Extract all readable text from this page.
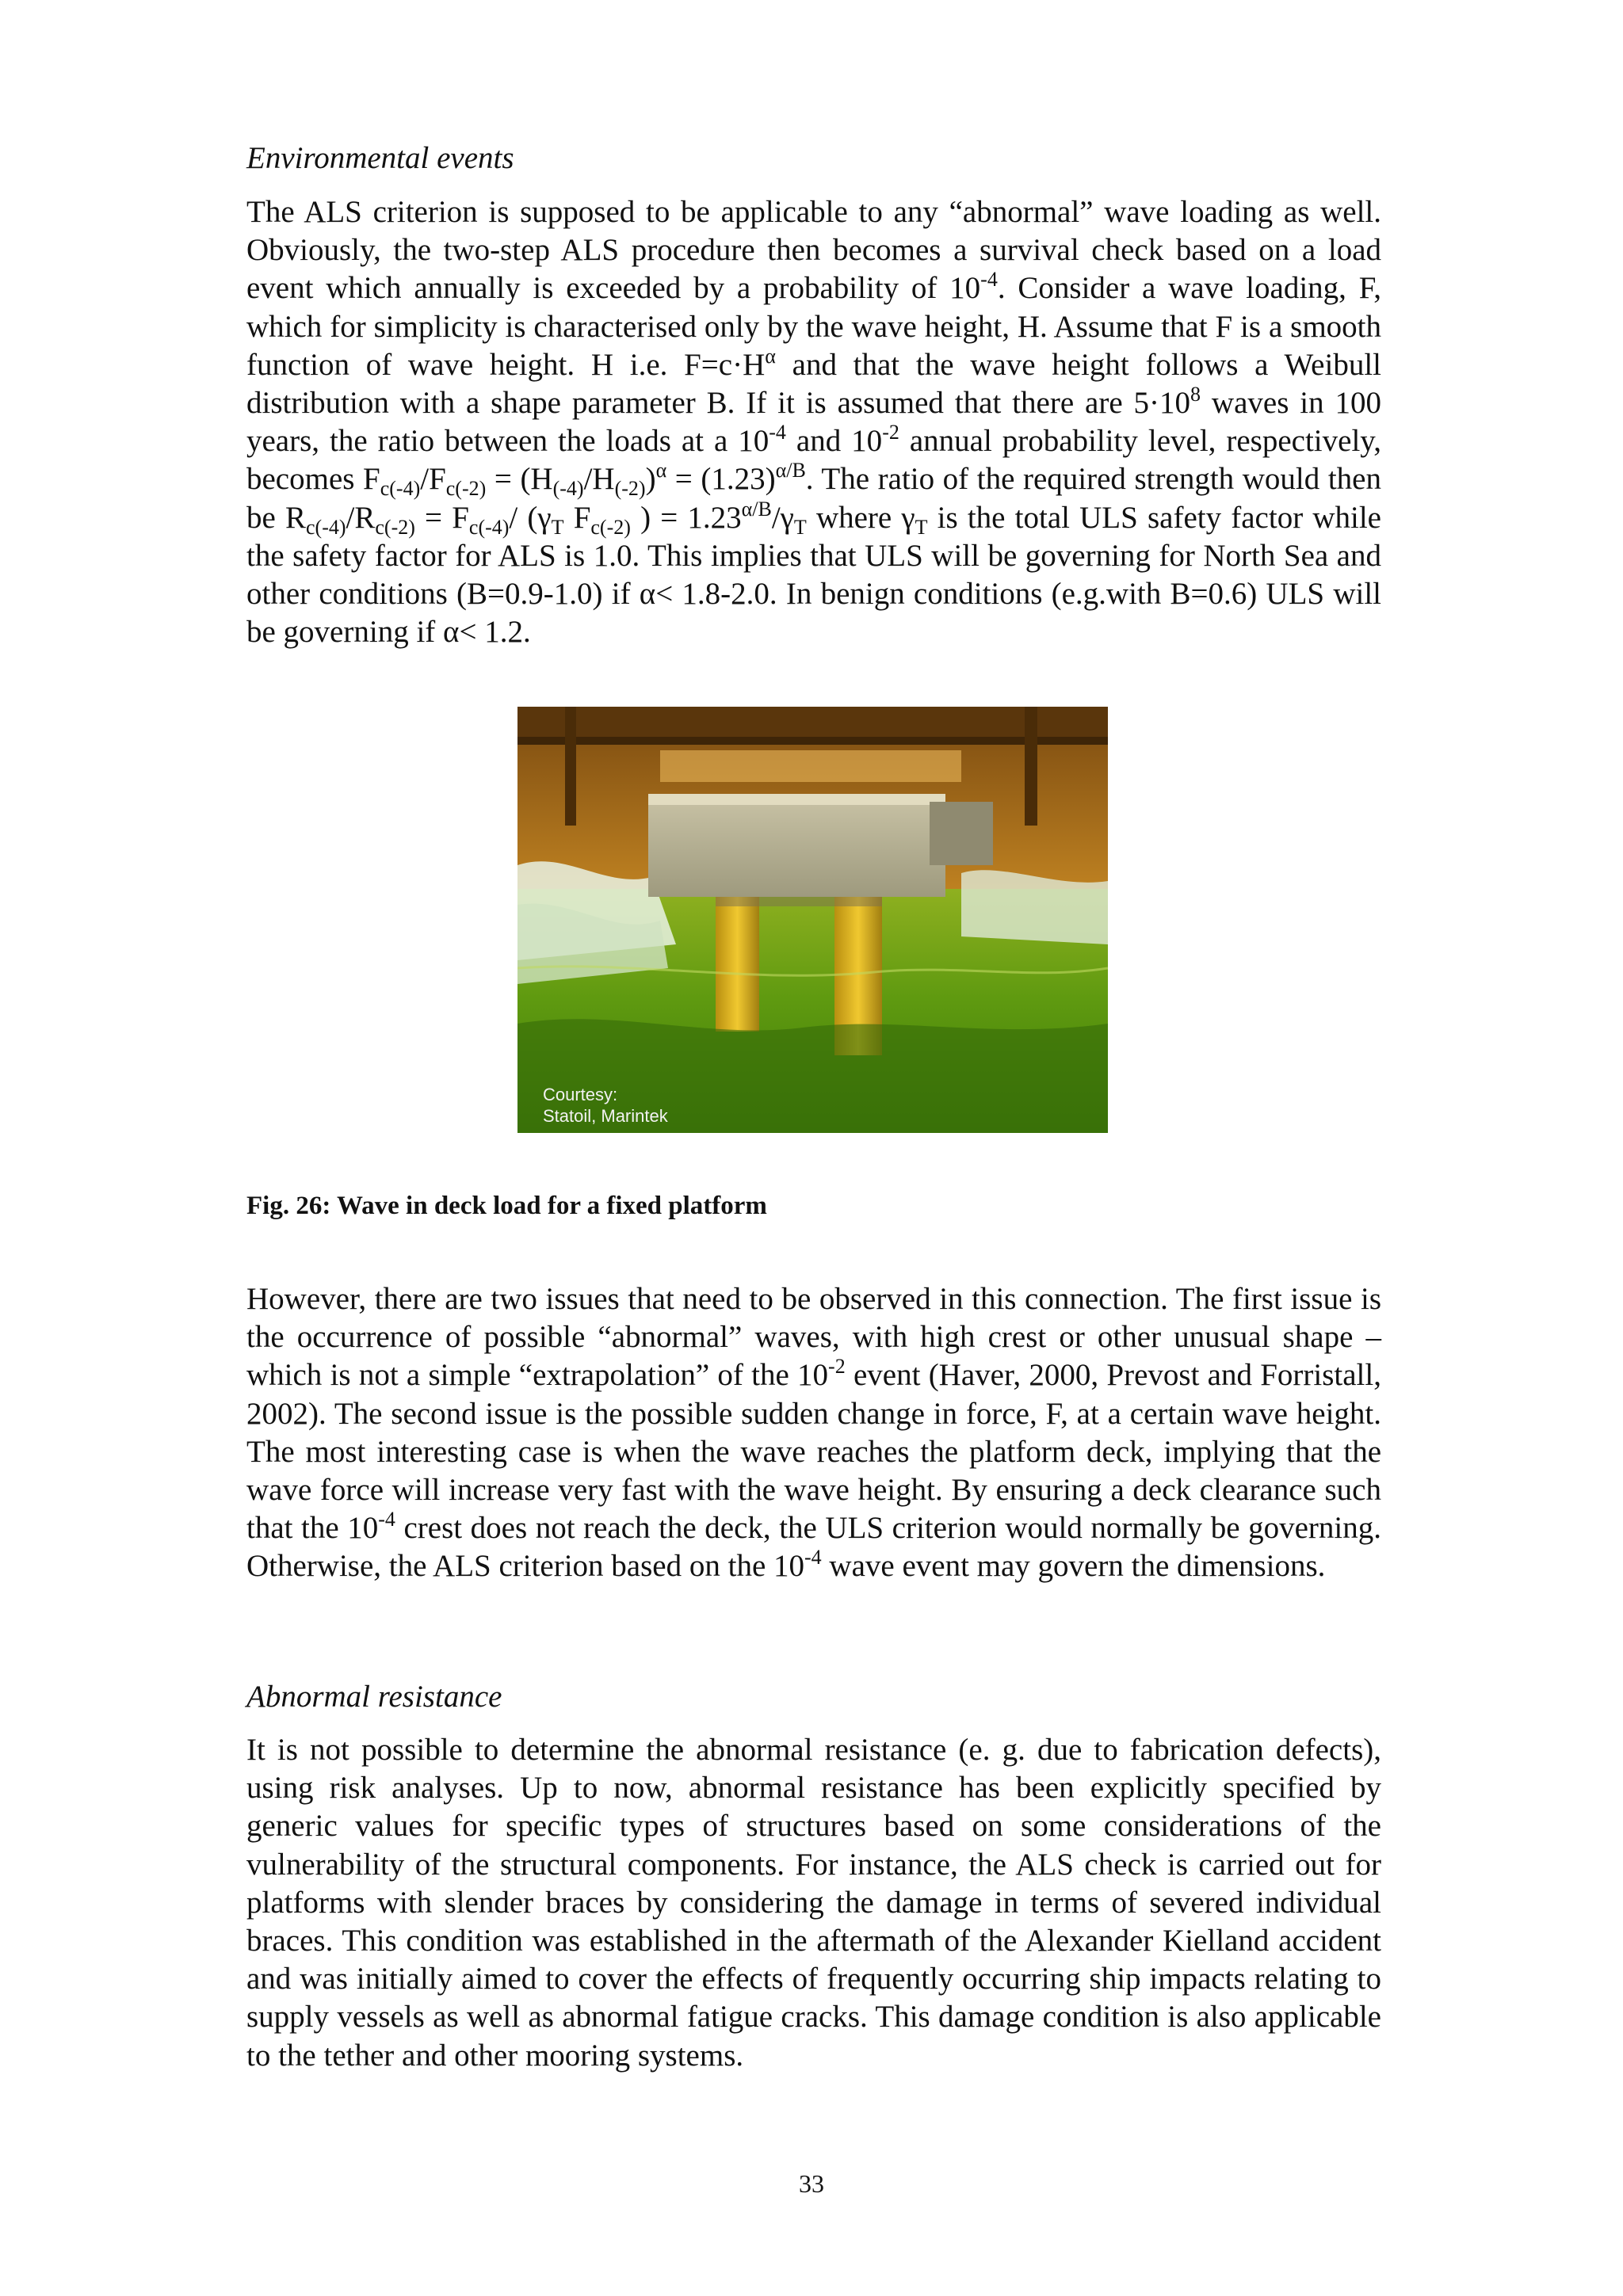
Environmental events

The ALS criterion is supposed to be applicable to any “abnormal” wave loading as well. Obviously, the two-step ALS procedure then becomes a survival check based on a load event which annually is exceeded by a probability of $10^{-4}$. Consider a wave loading, F, which for simplicity is characterised only by the wave height, H. Assume that F is a smooth function of wave height. H i.e. $F=c\cdot H^\alpha$ and that the wave height follows a Weibull distribution with a shape parameter B. If it is assumed that there are $5\cdot 10^8$ waves in 100 years, the ratio between the loads at a $10^{-4}$ and $10^{-2}$ annual probability level, respectively, becomes $F_{c(-4)}/F_{c(-2)} = (H_{(-4)}/H_{(-2)})^\alpha = (1.23)^{\alpha/B}$. The ratio of the required strength would then be $R_{c(-4)}/R_{c(-2)} = F_{c(-4)}/$ ($\gamma_T$ $F_{c(-2)}$ ) = $1.23^{\alpha/B}/\gamma_T$ where $\gamma_T$ is the total ULS safety factor while the safety factor for ALS is 1.0. This implies that ULS will be governing for North Sea and other conditions (B=0.9-1.0) if α< 1.8-2.0. In benign conditions (e.g.with B=0.6) ULS will be governing if α< 1.2.

Courtesy:
Statoil, Marintek
Fig. 26: Wave in deck load for a fixed platform

However, there are two issues that need to be observed in this connection. The first issue is the occurrence of possible “abnormal” waves, with high crest or other unusual shape – which is not a simple “extrapolation” of the $10^{-2}$ event (Haver, 2000, Prevost and Forristall, 2002). The second issue is the possible sudden change in force, F, at a certain wave height. The most interesting case is when the wave reaches the platform deck, implying that the wave force will increase very fast with the wave height. By ensuring a deck clearance such that the $10^{-4}$ crest does not reach the deck, the ULS criterion would normally be governing. Otherwise, the ALS criterion based on the $10^{-4}$ wave event may govern the dimensions.

Abnormal resistance

It is not possible to determine the abnormal resistance (e. g. due to fabrication defects), using risk analyses. Up to now, abnormal resistance has been explicitly specified by generic values for specific types of structures based on some considerations of the vulnerability of the structural components. For instance, the ALS check is carried out for platforms with slender braces by considering the damage in terms of severed individual braces. This condition was established in the aftermath of the Alexander Kielland accident and was initially aimed to cover the effects of frequently occurring ship impacts relating to supply vessels as well as abnormal fatigue cracks. This damage condition is also applicable to the tether and other mooring systems.

33
